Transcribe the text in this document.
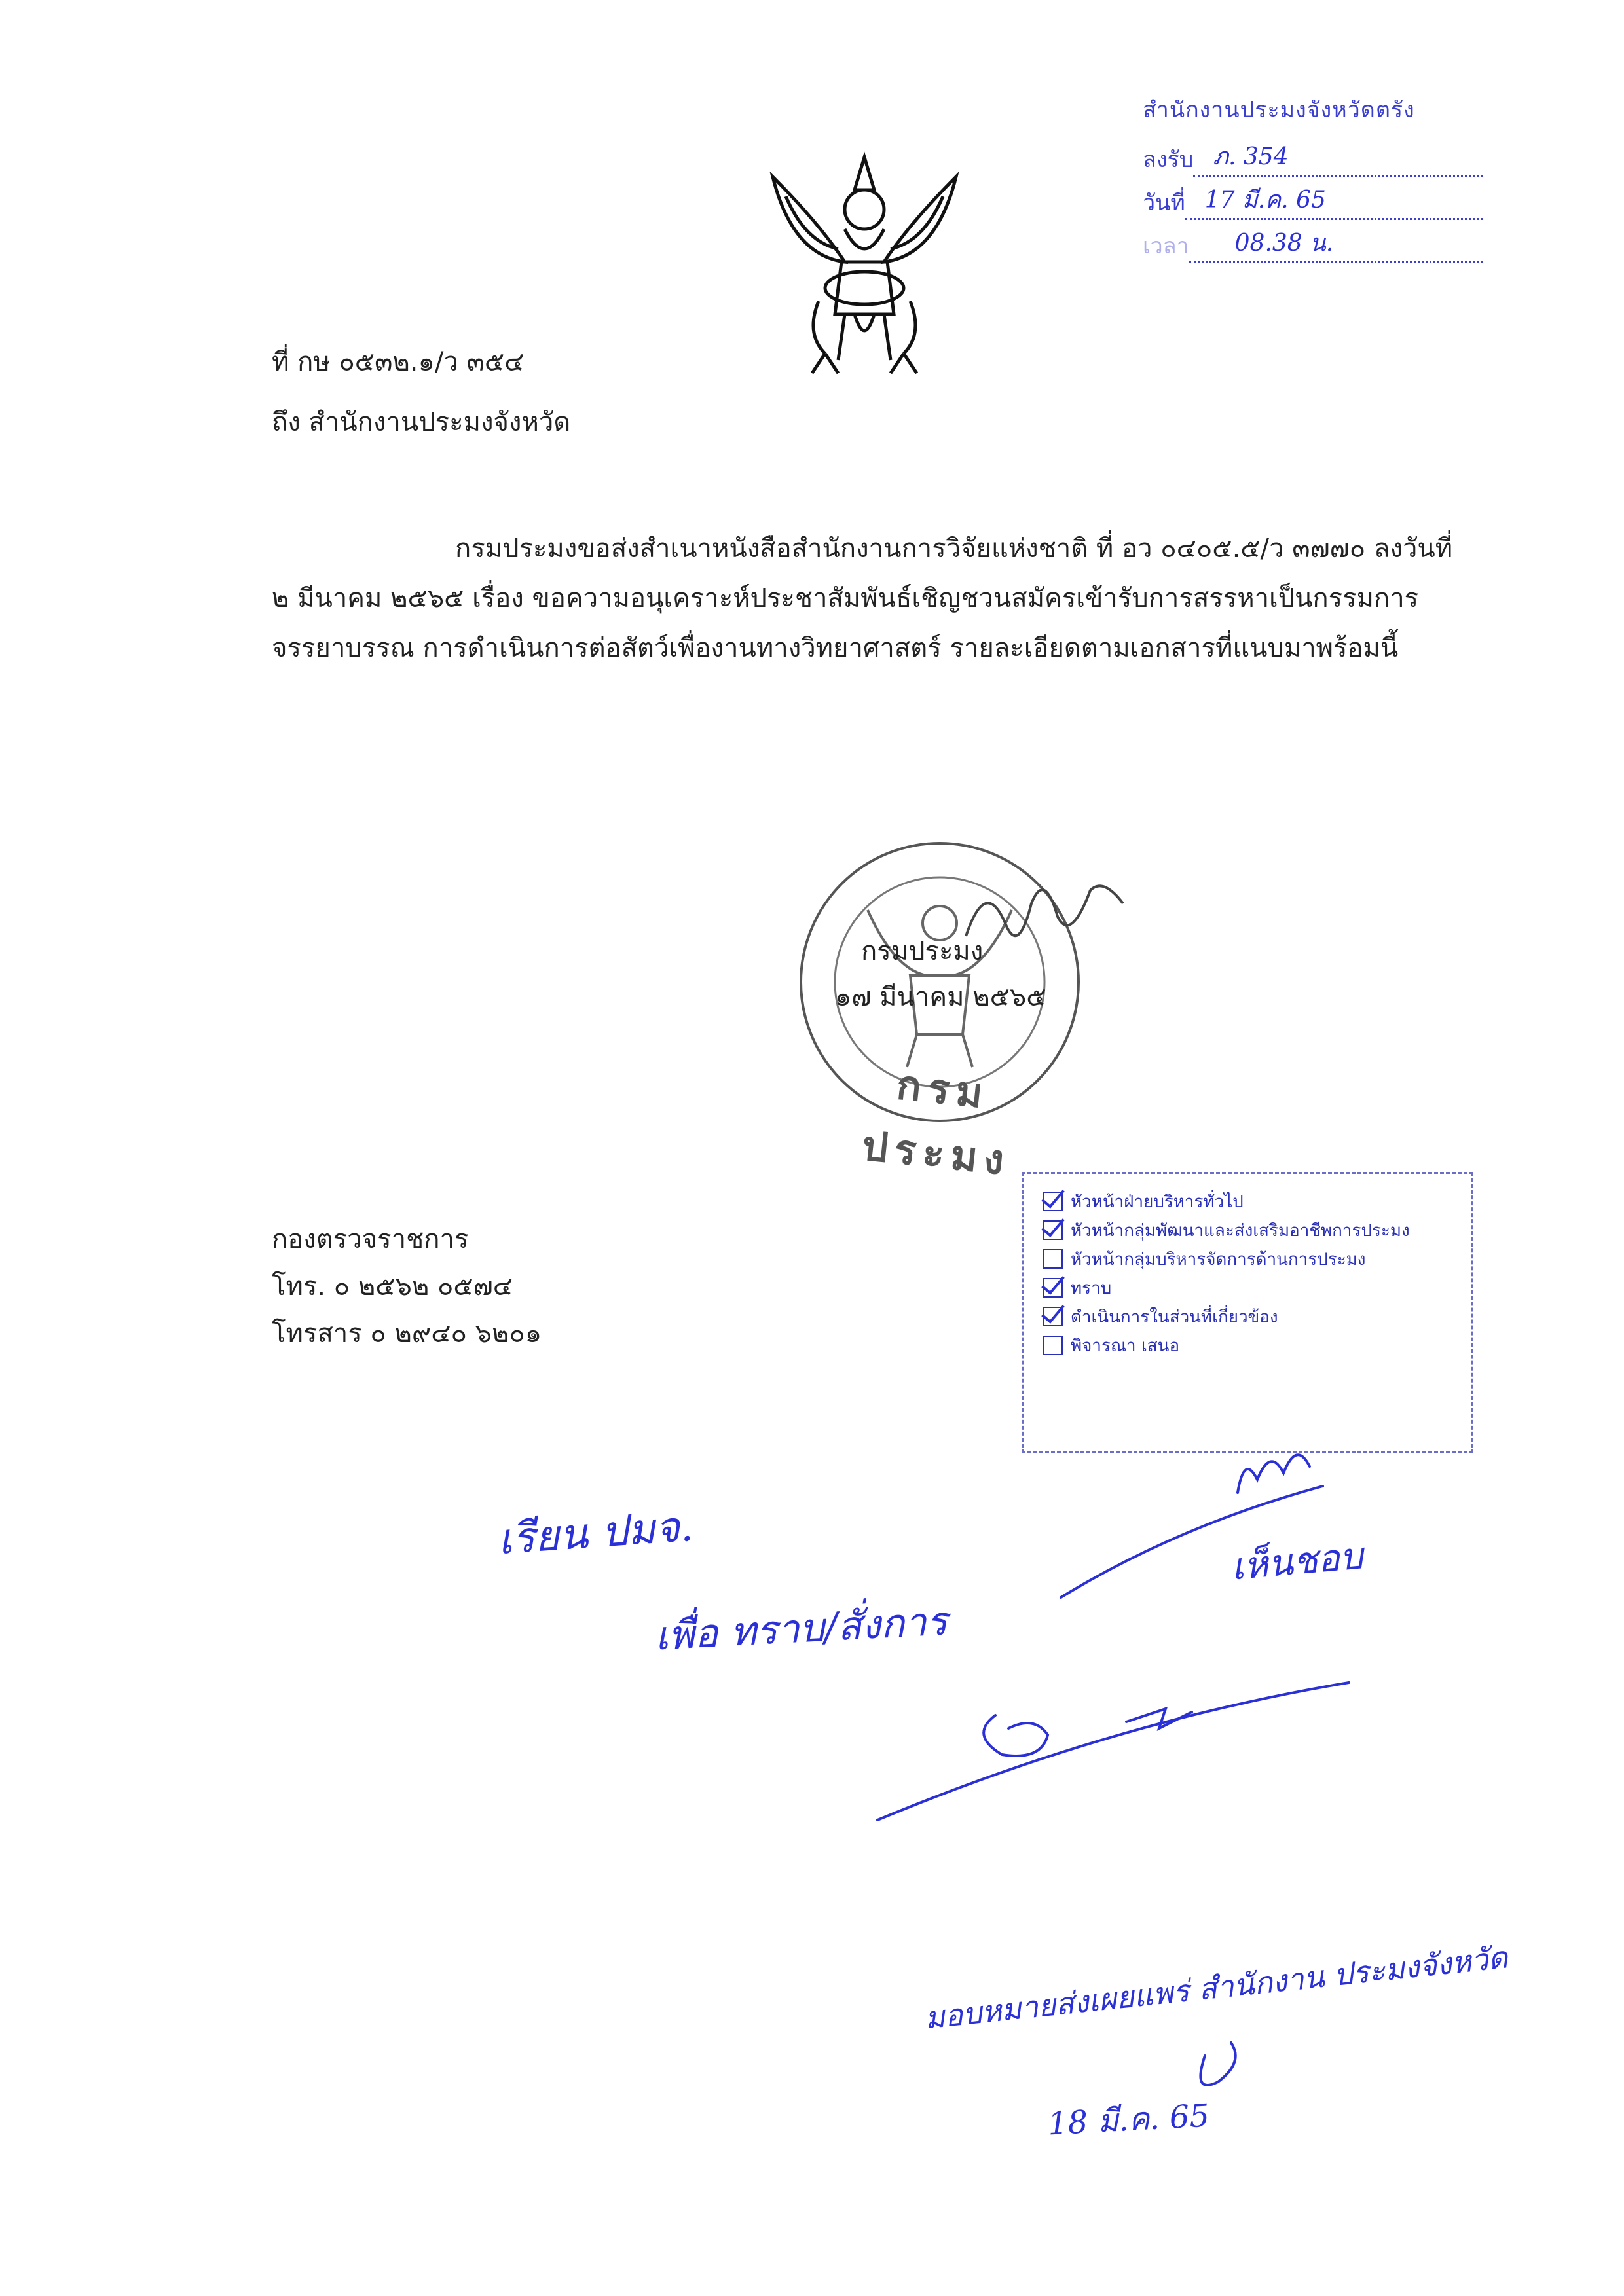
สำนักงานประมงจังหวัดตรัง
ลงรับ ภ. 354
วันที่ 17 มี.ค. 65
เวลา	08.38 น.
ที่ กษ ๐๕๓๒.๑/ว ๓๕๔
ถึง สำนักงานประมงจังหวัด
กรมประมงขอส่งสำเนาหนังสือสำนักงานการวิจัยแห่งชาติ ที่ อว ๐๔๐๕.๕/ว ๓๗๗๐ ลงวันที่
๒ มีนาคม ๒๕๖๕ เรื่อง ขอความอนุเคราะห์ประชาสัมพันธ์เชิญชวนสมัครเข้ารับการสรรหาเป็นกรรมการ
จรรยาบรรณ การดำเนินการต่อสัตว์เพื่องานทางวิทยาศาสตร์ รายละเอียดตามเอกสารที่แนบมาพร้อมนี้
กรมประมง
๑๗ มีนาคม ๒๕๖๕
กรมประมง
กองตรวจราชการ
โทร. ๐ ๒๕๖๒ ๐๕๗๔
โทรสาร ๐ ๒๙๔๐ ๖๒๐๑
หัวหน้าฝ่ายบริหารทั่วไป
หัวหน้ากลุ่มพัฒนาและส่งเสริมอาชีพการประมง
หัวหน้ากลุ่มบริหารจัดการด้านการประมง
ทราบ
ดำเนินการในส่วนที่เกี่ยวข้อง
พิจารณา เสนอ
เรียน ปมจ.
เพื่อ ทราบ/สั่งการ
เห็นชอบ
มอบหมายส่งเผยแพร่ สำนักงาน ประมงจังหวัด
18 มี.ค. 65
